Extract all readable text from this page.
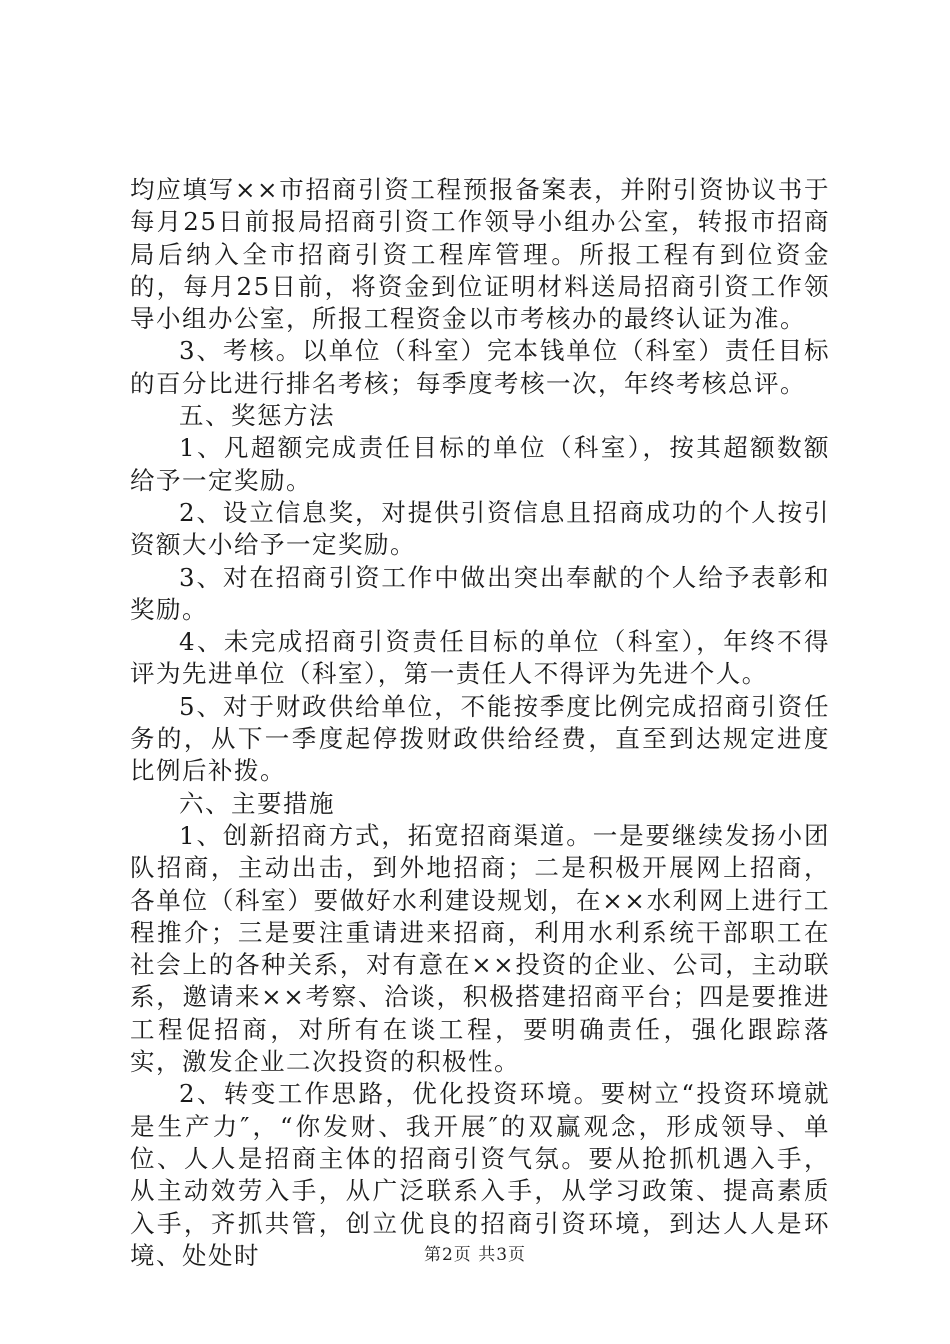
均应填写××市招商引资工程预报备案表，并附引资协议书于每月25日前报局招商引资工作领导小组办公室，转报市招商局后纳入全市招商引资工程库管理。所报工程有到位资金的，每月25日前，将资金到位证明材料送局招商引资工作领导小组办公室，所报工程资金以市考核办的最终认证为准。

3、考核。以单位（科室）完本钱单位（科室）责任目标的百分比进行排名考核；每季度考核一次，年终考核总评。

五、奖惩方法

1、凡超额完成责任目标的单位（科室），按其超额数额给予一定奖励。

2、设立信息奖，对提供引资信息且招商成功的个人按引资额大小给予一定奖励。

3、对在招商引资工作中做出突出奉献的个人给予表彰和奖励。

4、未完成招商引资责任目标的单位（科室），年终不得评为先进单位（科室），第一责任人不得评为先进个人。

5、对于财政供给单位，不能按季度比例完成招商引资任务的，从下一季度起停拨财政供给经费，直至到达规定进度比例后补拨。

六、主要措施

1、创新招商方式，拓宽招商渠道。一是要继续发扬小团队招商，主动出击，到外地招商；二是积极开展网上招商，各单位（科室）要做好水利建设规划，在××水利网上进行工程推介；三是要注重请进来招商，利用水利系统干部职工在社会上的各种关系，对有意在××投资的企业、公司，主动联系，邀请来××考察、洽谈，积极搭建招商平台；四是要推进工程促招商，对所有在谈工程，要明确责任，强化跟踪落实，激发企业二次投资的积极性。

2、转变工作思路，优化投资环境。要树立“投资环境就是生产力″，“你发财、我开展″的双赢观念，形成领导、单位、人人是招商主体的招商引资气氛。要从抢抓机遇入手，从主动效劳入手，从广泛联系入手，从学习政策、提高素质入手，齐抓共管，创立优良的招商引资环境，到达人人是环境、处处时	第2页 共3页
